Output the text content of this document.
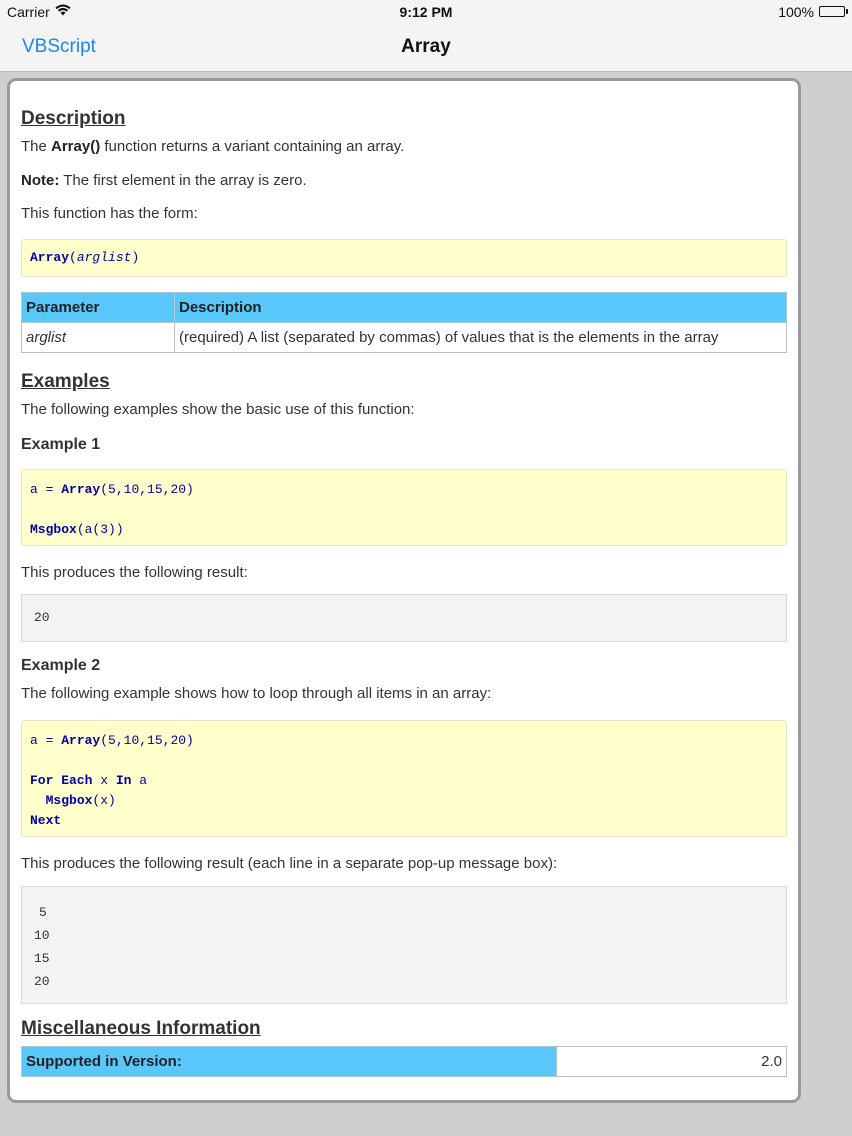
Carrier	9:12 PM	100%
VBScript	Array
Description

The Array() function returns a variant containing an array.

Note: The first element in the array is zero.

This function has the form:

Array(arglist)
Parameter	Description
arglist	(required) A list (separated by commas) of values that is the elements in the array
Examples

The following examples show the basic use of this function:

Example 1
a = Array(5,10,15,20)
Msgbox(a(3))

This produces the following result:

20
Example 2

The following example shows how to loop through all items in an array:

a = Array(5,10,15,20)
For Each x In a
Msgbox(x)
Next

This produces the following result (each line in a separate pop-up message box):

5
10
15
20
Miscellaneous Information
Supported in Version:	2.0
